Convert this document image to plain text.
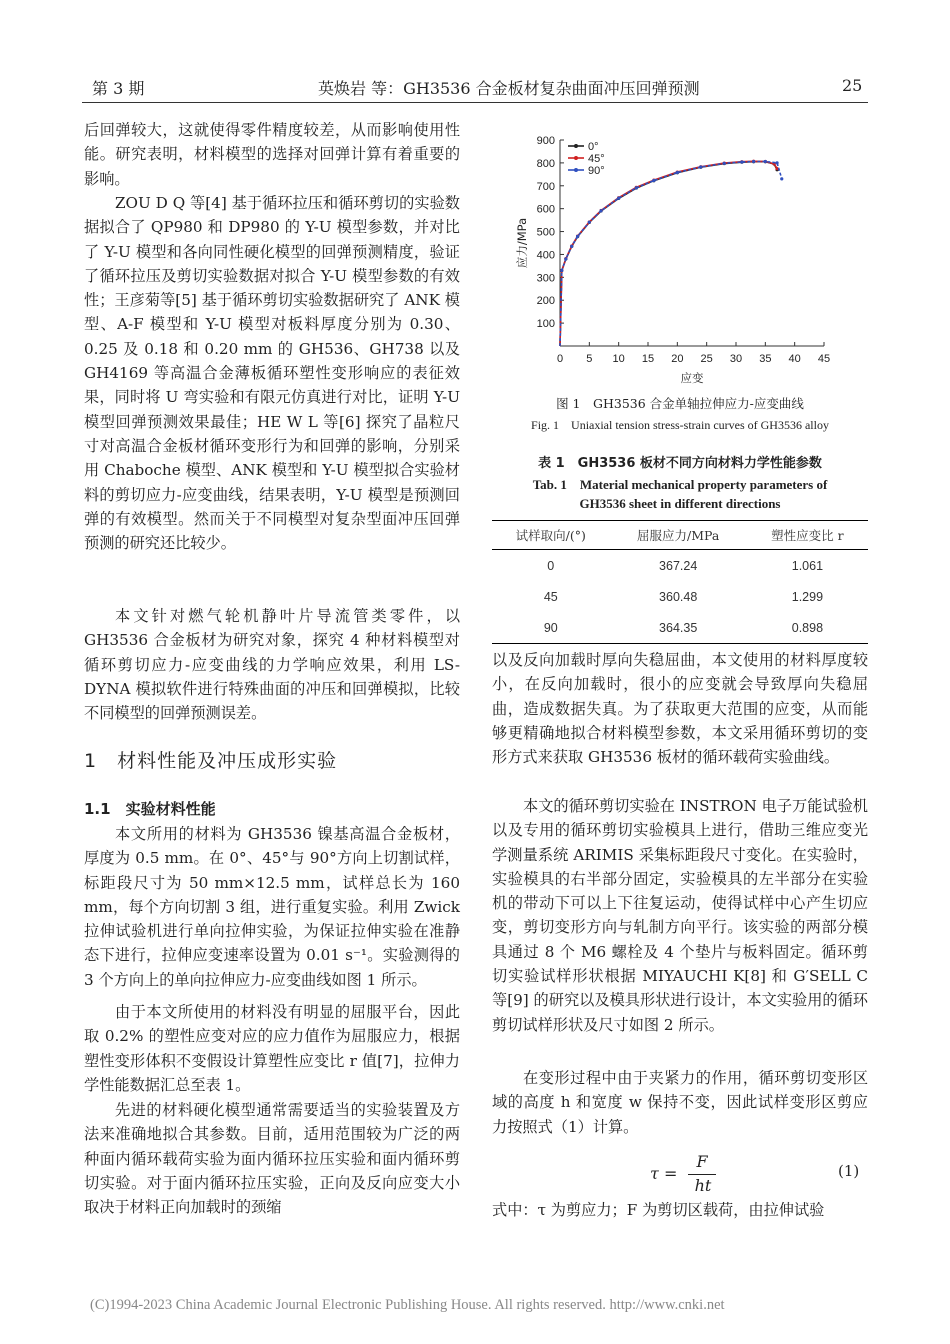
第 3 期	英焕岩 等：GH3536 合金板材复杂曲面冲压回弹预测	25

后回弹较大，这就使得零件精度较差，从而影响使用性能。研究表明，材料模型的选择对回弹计算有着重要的影响。

ZOU D Q 等[4] 基于循环拉压和循环剪切的实验数据拟合了 QP980 和 DP980 的 Y-U 模型参数，并对比了 Y-U 模型和各向同性硬化模型的回弹预测精度，验证了循环拉压及剪切实验数据对拟合 Y-U 模型参数的有效性；王彦菊等[5] 基于循环剪切实验数据研究了 ANK 模型、A-F 模型和 Y-U 模型对板料厚度分别为 0.30、0.25 及 0.18 和 0.20 mm 的 GH536、GH738 以及 GH4169 等高温合金薄板循环塑性变形响应的表征效果，同时将 U 弯实验和有限元仿真进行对比，证明 Y-U 模型回弹预测效果最佳；HE W L 等[6] 探究了晶粒尺寸对高温合金板材循环变形行为和回弹的影响，分别采用 Chaboche 模型、ANK 模型和 Y-U 模型拟合实验材料的剪切应力-应变曲线，结果表明，Y-U 模型是预测回弹的有效模型。然而关于不同模型对复杂型面冲压回弹预测的研究还比较少。

本文针对燃气轮机静叶片导流管类零件，以 GH3536 合金板材为研究对象，探究 4 种材料模型对循环剪切应力-应变曲线的力学响应效果，利用 LS-DYNA 模拟软件进行特殊曲面的冲压和回弹模拟，比较不同模型的回弹预测误差。

1　材料性能及冲压成形实验
1.1　实验材料性能

本文所用的材料为 GH3536 镍基高温合金板材，厚度为 0.5 mm。在 0°、45°与 90°方向上切割试样，标距段尺寸为 50 mm×12.5 mm，试样总长为 160 mm，每个方向切割 3 组，进行重复实验。利用 Zwick 拉伸试验机进行单向拉伸实验，为保证拉伸实验在准静态下进行，拉伸应变速率设置为 0.01 s⁻¹。实验测得的 3 个方向上的单向拉伸应力-应变曲线如图 1 所示。

由于本文所使用的材料没有明显的屈服平台，因此取 0.2% 的塑性应变对应的应力值作为屈服应力，根据塑性变形体积不变假设计算塑性应变比 r 值[7]，拉伸力学性能数据汇总至表 1。

先进的材料硬化模型通常需要适当的实验装置及方法来准确地拟合其参数。目前，适用范围较为广泛的两种面内循环载荷实验为面内循环拉压实验和面内循环剪切实验。对于面内循环拉压实验，正向及反向应变大小取决于材料正向加载时的颈缩

0 5 10 15 20 25 30 35 40 45
100
200
300
400
500
600
700
800
900
应变
应力/MPa
0°
45°
90°
图 1　GH3536 合金单轴拉伸应力-应变曲线
Fig. 1　Uniaxial tension stress-strain curves of GH3536 alloy
表 1　GH3536 板材不同方向材料力学性能参数
Tab. 1　Material mechanical property parameters of
GH3536 sheet in different directions
试样取向/(°)	屈服应力/MPa	塑性应变比 r
0	367.24	1.061
45	360.48	1.299
90	364.35	0.898

以及反向加载时厚向失稳屈曲，本文使用的材料厚度较小，在反向加载时，很小的应变就会导致厚向失稳屈曲，造成数据失真。为了获取更大范围的应变，从而能够更精确地拟合材料模型参数，本文采用循环剪切的变形方式来获取 GH3536 板材的循环载荷实验曲线。

本文的循环剪切实验在 INSTRON 电子万能试验机以及专用的循环剪切实验模具上进行，借助三维应变光学测量系统 ARIMIS 采集标距段尺寸变化。在实验时，实验模具的右半部分固定，实验模具的左半部分在实验机的带动下可以上下往复运动，使得试样中心产生切应变，剪切变形方向与轧制方向平行。该实验的两部分模具通过 8 个 M6 螺栓及 4 个垫片与板料固定。循环剪切实验试样形状根据 MIYAUCHI K[8] 和 G′SELL C 等[9] 的研究以及模具形状进行设计，本文实验用的循环剪切试样形状及尺寸如图 2 所示。

在变形过程中由于夹紧力的作用，循环剪切变形区域的高度 h 和宽度 w 保持不变，因此试样变形区剪应力按照式（1）计算。

τ =
F
ht
(1)

式中：τ 为剪应力；F 为剪切区载荷，由拉伸试验

(C)1994-2023 China Academic Journal Electronic Publishing House. All rights reserved. http://www.cnki.net
